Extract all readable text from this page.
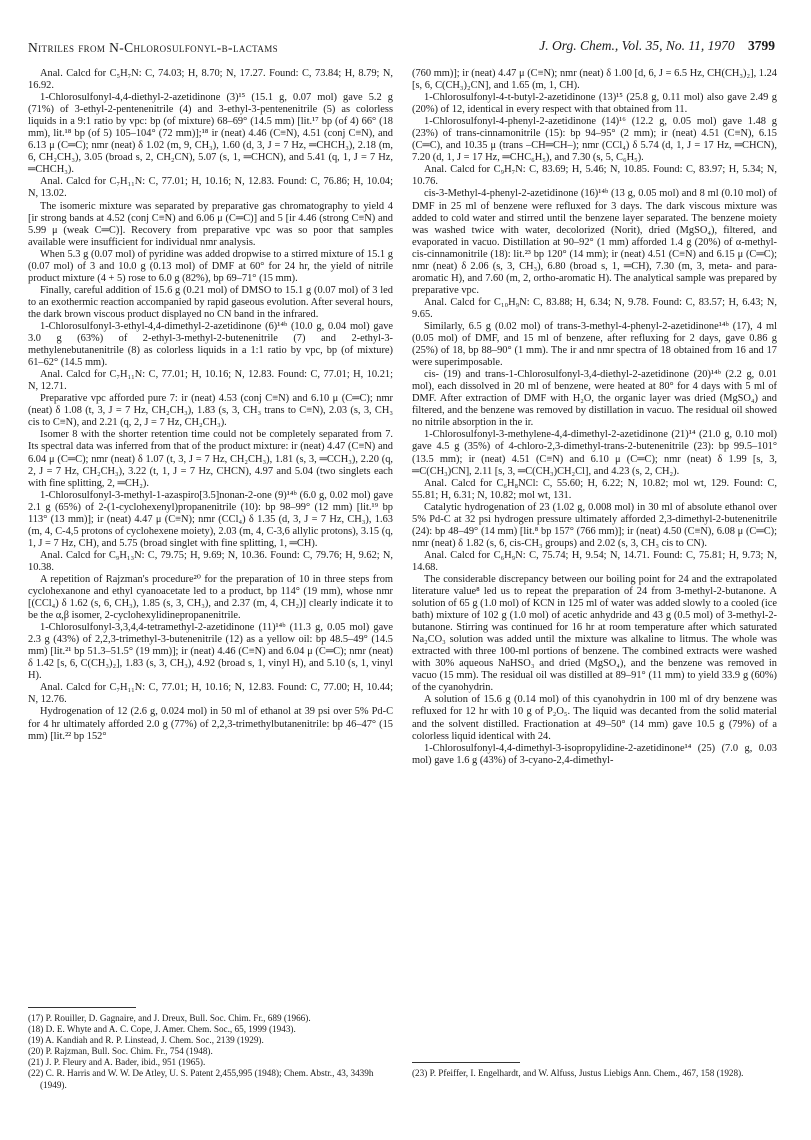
Nitriles from N-Chlorosulfonyl-β-lactams	J. Org. Chem., Vol. 35, No. 11, 1970 3799

Anal. Calcd for C₅H₇N: C, 74.03; H, 8.70; N, 17.27. Found: C, 73.84; H, 8.79; N, 16.92.

1-Chlorosulfonyl-4,4-diethyl-2-azetidinone (3)¹⁵ (15.1 g, 0.07 mol) gave 5.2 g (71%) of 3-ethyl-2-pentenenitrile (4) and 3-ethyl-3-pentenenitrile (5) as colorless liquids in a 9:1 ratio by vpc: bp (of mixture) 68–69° (14.5 mm) [lit.¹⁷ bp (of 4) 66° (18 mm), lit.¹⁸ bp (of 5) 105–104° (72 mm)];¹⁸ ir (neat) 4.46 (C≡N), 4.51 (conj C≡N), and 6.13 μ (C═C); nmr (neat) δ 1.02 (m, 9, CH₃), 1.60 (d, 3, J = 7 Hz, ═CHCH₃), 2.18 (m, 6, CH₂CH₃), 3.05 (broad s, 2, CH₂CN), 5.07 (s, 1, ═CHCN), and 5.41 (q, 1, J = 7 Hz, ═CHCH₃).

Anal. Calcd for C₇H₁₁N: C, 77.01; H, 10.16; N, 12.83. Found: C, 76.86; H, 10.04; N, 13.02.

The isomeric mixture was separated by preparative gas chromatography to yield 4 [ir strong bands at 4.52 (conj C≡N) and 6.06 μ (C═C)] and 5 [ir 4.46 (strong C≡N) and 5.99 μ (weak C═C)]. Recovery from preparative vpc was so poor that samples available were insufficient for individual nmr analysis.

When 5.3 g (0.07 mol) of pyridine was added dropwise to a stirred mixture of 15.1 g (0.07 mol) of 3 and 10.0 g (0.13 mol) of DMF at 60° for 24 hr, the yield of nitrile product mixture (4 + 5) rose to 6.0 g (82%), bp 69–71° (15 mm).

Finally, careful addition of 15.6 g (0.21 mol) of DMSO to 15.1 g (0.07 mol) of 3 led to an exothermic reaction accompanied by rapid gaseous evolution. After several hours, the dark brown viscous product displayed no CN band in the infrared.

1-Chlorosulfonyl-3-ethyl-4,4-dimethyl-2-azetidinone (6)¹⁴ᵇ (10.0 g, 0.04 mol) gave 3.0 g (63%) of 2-ethyl-3-methyl-2-butenenitrile (7) and 2-ethyl-3-methylenebutanenitrile (8) as colorless liquids in a 1:1 ratio by vpc, bp (of mixture) 61–62° (14.5 mm).

Anal. Calcd for C₇H₁₁N: C, 77.01; H, 10.16; N, 12.83. Found: C, 77.01; H, 10.21; N, 12.71.

Preparative vpc afforded pure 7: ir (neat) 4.53 (conj C≡N) and 6.10 μ (C═C); nmr (neat) δ 1.08 (t, 3, J = 7 Hz, CH₂CH₃), 1.83 (s, 3, CH₃ trans to C≡N), 2.03 (s, 3, CH₃ cis to C≡N), and 2.21 (q, 2, J = 7 Hz, CH₂CH₃).

Isomer 8 with the shorter retention time could not be completely separated from 7. Its spectral data was inferred from that of the product mixture: ir (neat) 4.47 (C≡N) and 6.04 μ (C═C); nmr (neat) δ 1.07 (t, 3, J = 7 Hz, CH₂CH₃), 1.81 (s, 3, ═CCH₃), 2.20 (q, 2, J = 7 Hz, CH₂CH₃), 3.22 (t, 1, J = 7 Hz, CHCN), 4.97 and 5.04 (two singlets each with fine splitting, 2, ═CH₂).

1-Chlorosulfonyl-3-methyl-1-azaspiro[3.5]nonan-2-one (9)¹⁴ᵇ (6.0 g, 0.02 mol) gave 2.1 g (65%) of 2-(1-cyclohexenyl)propanenitrile (10): bp 98–99° (12 mm) [lit.¹⁹ bp 113° (13 mm)]; ir (neat) 4.47 μ (C≡N); nmr (CCl₄) δ 1.35 (d, 3, J = 7 Hz, CH₃), 1.63 (m, 4, C-4,5 protons of cyclohexene moiety), 2.03 (m, 4, C-3,6 allylic protons), 3.15 (q, 1, J = 7 Hz, CH), and 5.75 (broad singlet with fine splitting, 1, ═CH).

Anal. Calcd for C₉H₁₃N: C, 79.75; H, 9.69; N, 10.36. Found: C, 79.76; H, 9.62; N, 10.38.

A repetition of Rajzman's procedure²⁰ for the preparation of 10 in three steps from cyclohexanone and ethyl cyanoacetate led to a product, bp 114° (19 mm), whose nmr [(CCl₄) δ 1.62 (s, 6, CH₃), 1.85 (s, 3, CH₃), and 2.37 (m, 4, CH₂)] clearly indicate it to be the α,β isomer, 2-cyclohexylidinepropanenitrile.

1-Chlorosulfonyl-3,3,4,4-tetramethyl-2-azetidinone (11)¹⁴ᵇ (11.3 g, 0.05 mol) gave 2.3 g (43%) of 2,2,3-trimethyl-3-butenenitrile (12) as a yellow oil: bp 48.5–49° (14.5 mm) [lit.²¹ bp 51.3–51.5° (19 mm)]; ir (neat) 4.46 (C≡N) and 6.04 μ (C═C); nmr (neat) δ 1.42 [s, 6, C(CH₃)₂], 1.83 (s, 3, CH₃), 4.92 (broad s, 1, vinyl H), and 5.10 (s, 1, vinyl H).

Anal. Calcd for C₇H₁₁N: C, 77.01; H, 10.16; N, 12.83. Found: C, 77.00; H, 10.44; N, 12.76.

Hydrogenation of 12 (2.6 g, 0.024 mol) in 50 ml of ethanol at 39 psi over 5% Pd-C for 4 hr ultimately afforded 2.0 g (77%) of 2,2,3-trimethylbutanenitrile: bp 46–47° (15 mm) [lit.²² bp 152°

(760 mm)]; ir (neat) 4.47 μ (C≡N); nmr (neat) δ 1.00 [d, 6, J = 6.5 Hz, CH(CH₃)₂], 1.24 [s, 6, C(CH₃)₂CN], and 1.65 (m, 1, CH).

1-Chlorosulfonyl-4-t-butyl-2-azetidinone (13)¹⁵ (25.8 g, 0.11 mol) also gave 2.49 g (20%) of 12, identical in every respect with that obtained from 11.

1-Chlorosulfonyl-4-phenyl-2-azetidinone (14)¹⁶ (12.2 g, 0.05 mol) gave 1.48 g (23%) of trans-cinnamonitrile (15): bp 94–95° (2 mm); ir (neat) 4.51 (C≡N), 6.15 (C═C), and 10.35 μ (trans –CH═CH–); nmr (CCl₄) δ 5.74 (d, 1, J = 17 Hz, ═CHCN), 7.20 (d, 1, J = 17 Hz, ═CHC₆H₅), and 7.30 (s, 5, C₆H₅).

Anal. Calcd for C₉H₇N: C, 83.69; H, 5.46; N, 10.85. Found: C, 83.97; H, 5.34; N, 10.76.

cis-3-Methyl-4-phenyl-2-azetidinone (16)¹⁴ᵇ (13 g, 0.05 mol) and 8 ml (0.10 mol) of DMF in 25 ml of benzene were refluxed for 3 days. The dark viscous mixture was added to cold water and stirred until the benzene layer separated. The benzene moiety was washed twice with water, decolorized (Norit), dried (MgSO₄), filtered, and evaporated in vacuo. Distillation at 90–92° (1 mm) afforded 1.4 g (20%) of α-methyl-cis-cinnamonitrile (18): lit.²³ bp 120° (14 mm); ir (neat) 4.51 (C≡N) and 6.15 μ (C═C); nmr (neat) δ 2.06 (s, 3, CH₃), 6.80 (broad s, 1, ═CH), 7.30 (m, 3, meta- and para-aromatic H), and 7.60 (m, 2, ortho-aromatic H). The analytical sample was prepared by preparative vpc.

Anal. Calcd for C₁₀H₉N: C, 83.88; H, 6.34; N, 9.78. Found: C, 83.57; H, 6.43; N, 9.65.

Similarly, 6.5 g (0.02 mol) of trans-3-methyl-4-phenyl-2-azetidinone¹⁴ᵇ (17), 4 ml (0.05 mol) of DMF, and 15 ml of benzene, after refluxing for 2 days, gave 0.86 g (25%) of 18, bp 88–90° (1 mm). The ir and nmr spectra of 18 obtained from 16 and 17 were superimposable.

cis- (19) and trans-1-Chlorosulfonyl-3,4-diethyl-2-azetidinone (20)¹⁴ᵇ (2.2 g, 0.01 mol), each dissolved in 20 ml of benzene, were heated at 80° for 4 days with 5 ml of DMF. After extraction of DMF with H₂O, the organic layer was dried (MgSO₄) and filtered, and the benzene was removed by distillation in vacuo. The residual oil showed no nitrile absorption in the ir.

1-Chlorosulfonyl-3-methylene-4,4-dimethyl-2-azetidinone (21)¹⁴ (21.0 g, 0.10 mol) gave 4.5 g (35%) of 4-chloro-2,3-dimethyl-trans-2-butenenitrile (23): bp 99.5–101° (13.5 mm); ir (neat) 4.51 (C≡N) and 6.10 μ (C═C); nmr (neat) δ 1.99 [s, 3, ═C(CH₃)CN], 2.11 [s, 3, ═C(CH₃)CH₂Cl], and 4.23 (s, 2, CH₂).

Anal. Calcd for C₆H₈NCl: C, 55.60; H, 6.22; N, 10.82; mol wt, 129. Found: C, 55.81; H, 6.31; N, 10.82; mol wt, 131.

Catalytic hydrogenation of 23 (1.02 g, 0.008 mol) in 30 ml of absolute ethanol over 5% Pd-C at 32 psi hydrogen pressure ultimately afforded 2,3-dimethyl-2-butenenitrile (24): bp 48–49° (14 mm) [lit.⁸ bp 157° (766 mm)]; ir (neat) 4.50 (C≡N), 6.08 μ (C═C); nmr (neat) δ 1.82 (s, 6, cis-CH₃ groups) and 2.02 (s, 3, CH₃ cis to CN).

Anal. Calcd for C₆H₉N: C, 75.74; H, 9.54; N, 14.71. Found: C, 75.81; H, 9.73; N, 14.68.

The considerable discrepancy between our boiling point for 24 and the extrapolated literature value⁸ led us to repeat the preparation of 24 from 3-methyl-2-butanone. A solution of 65 g (1.0 mol) of KCN in 125 ml of water was added slowly to a cooled (ice bath) mixture of 102 g (1.0 mol) of acetic anhydride and 43 g (0.5 mol) of 3-methyl-2-butanone. Stirring was continued for 16 hr at room temperature after which saturated Na₂CO₃ solution was added until the mixture was alkaline to litmus. The whole was extracted with three 100-ml portions of benzene. The combined extracts were washed with 30% aqueous NaHSO₃ and dried (MgSO₄), and the benzene was removed in vacuo (15 mm). The residual oil was distilled at 89–91° (11 mm) to yield 33.9 g (60%) of the cyanohydrin.

A solution of 15.6 g (0.14 mol) of this cyanohydrin in 100 ml of dry benzene was refluxed for 12 hr with 10 g of P₂O₅. The liquid was decanted from the solid material and the solvent distilled. Fractionation at 49–50° (14 mm) gave 10.5 g (79%) of a colorless liquid identical with 24.

1-Chlorosulfonyl-4,4-dimethyl-3-isopropylidine-2-azetidinone¹⁴ (25) (7.0 g, 0.03 mol) gave 1.6 g (43%) of 3-cyano-2,4-dimethyl-

(17) P. Rouiller, D. Gagnaire, and J. Dreux, Bull. Soc. Chim. Fr., 689 (1966).

(18) D. E. Whyte and A. C. Cope, J. Amer. Chem. Soc., 65, 1999 (1943).

(19) A. Kandiah and R. P. Linstead, J. Chem. Soc., 2139 (1929).

(20) P. Rajzman, Bull. Soc. Chim. Fr., 754 (1948).

(21) J. P. Fleury and A. Bader, ibid., 951 (1965).

(22) C. R. Harris and W. W. De Atley, U. S. Patent 2,455,995 (1948); Chem. Abstr., 43, 3439h (1949).

(23) P. Pfeiffer, I. Engelhardt, and W. Alfuss, Justus Liebigs Ann. Chem., 467, 158 (1928).
